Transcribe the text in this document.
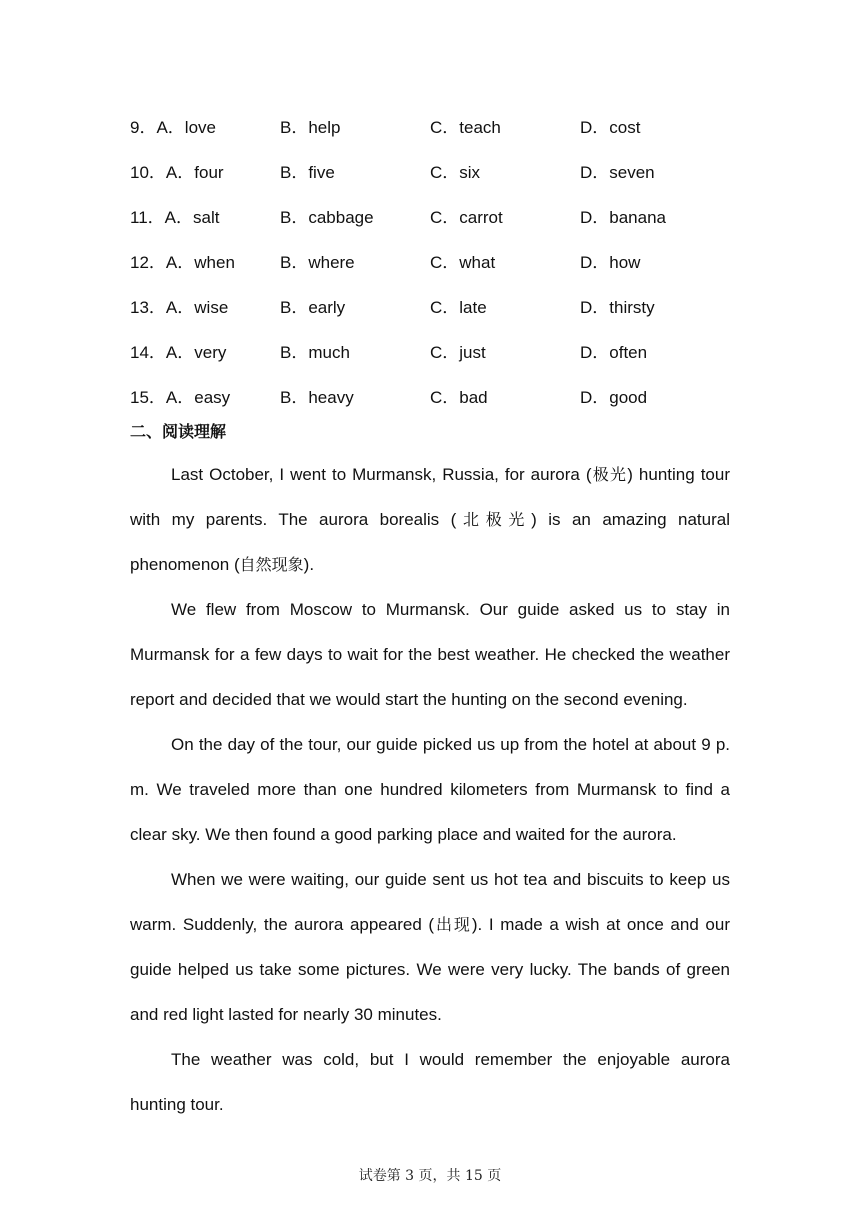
9．A．love	B．help	C．teach	D．cost
10．A．four	B．five	C．six	D．seven
11．A．salt	B．cabbage	C．carrot	D．banana
12．A．when	B．where	C．what	D．how
13．A．wise	B．early	C．late	D．thirsty
14．A．very	B．much	C．just	D．often
15．A．easy	B．heavy	C．bad	D．good
二、阅读理解

Last October, I went to Murmansk, Russia, for aurora (极光) hunting tour with my parents. The aurora borealis (北极光) is an amazing natural phenomenon (自然现象).

We flew from Moscow to Murmansk. Our guide asked us to stay in Murmansk for a few days to wait for the best weather. He checked the weather report and decided that we would start the hunting on the second evening.

On the day of the tour, our guide picked us up from the hotel at about 9 p. m. We traveled more than one hundred kilometers from Murmansk to find a clear sky. We then found a good parking place and waited for the aurora.

When we were waiting, our guide sent us hot tea and biscuits to keep us warm. Suddenly, the aurora appeared (出现). I made a wish at once and our guide helped us take some pictures. We were very lucky. The bands of green and red light lasted for nearly 30 minutes.

The weather was cold, but I would remember the enjoyable aurora hunting tour.

试卷第 3 页，共 15 页
